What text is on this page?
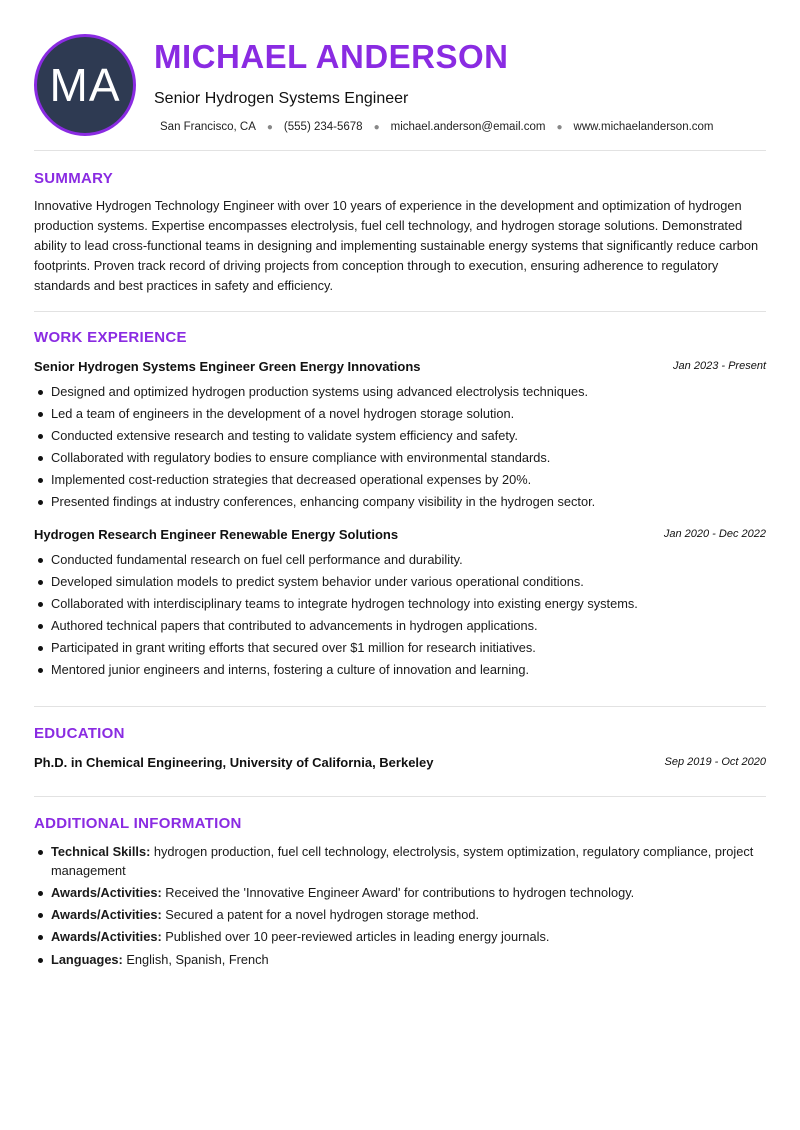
MA
MICHAEL ANDERSON
Senior Hydrogen Systems Engineer
San Francisco, CA ● (555) 234-5678 ● michael.anderson@email.com ● www.michaelanderson.com
SUMMARY
Innovative Hydrogen Technology Engineer with over 10 years of experience in the development and optimization of hydrogen production systems. Expertise encompasses electrolysis, fuel cell technology, and hydrogen storage solutions. Demonstrated ability to lead cross-functional teams in designing and implementing sustainable energy systems that significantly reduce carbon footprints. Proven track record of driving projects from conception through to execution, ensuring adherence to regulatory standards and best practices in safety and efficiency.
WORK EXPERIENCE
Senior Hydrogen Systems Engineer Green Energy Innovations	Jan 2023 - Present
Designed and optimized hydrogen production systems using advanced electrolysis techniques.
Led a team of engineers in the development of a novel hydrogen storage solution.
Conducted extensive research and testing to validate system efficiency and safety.
Collaborated with regulatory bodies to ensure compliance with environmental standards.
Implemented cost-reduction strategies that decreased operational expenses by 20%.
Presented findings at industry conferences, enhancing company visibility in the hydrogen sector.
Hydrogen Research Engineer Renewable Energy Solutions	Jan 2020 - Dec 2022
Conducted fundamental research on fuel cell performance and durability.
Developed simulation models to predict system behavior under various operational conditions.
Collaborated with interdisciplinary teams to integrate hydrogen technology into existing energy systems.
Authored technical papers that contributed to advancements in hydrogen applications.
Participated in grant writing efforts that secured over $1 million for research initiatives.
Mentored junior engineers and interns, fostering a culture of innovation and learning.
EDUCATION
Ph.D. in Chemical Engineering, University of California, Berkeley	Sep 2019 - Oct 2020
ADDITIONAL INFORMATION
Technical Skills: hydrogen production, fuel cell technology, electrolysis, system optimization, regulatory compliance, project management
Awards/Activities: Received the 'Innovative Engineer Award' for contributions to hydrogen technology.
Awards/Activities: Secured a patent for a novel hydrogen storage method.
Awards/Activities: Published over 10 peer-reviewed articles in leading energy journals.
Languages: English, Spanish, French
